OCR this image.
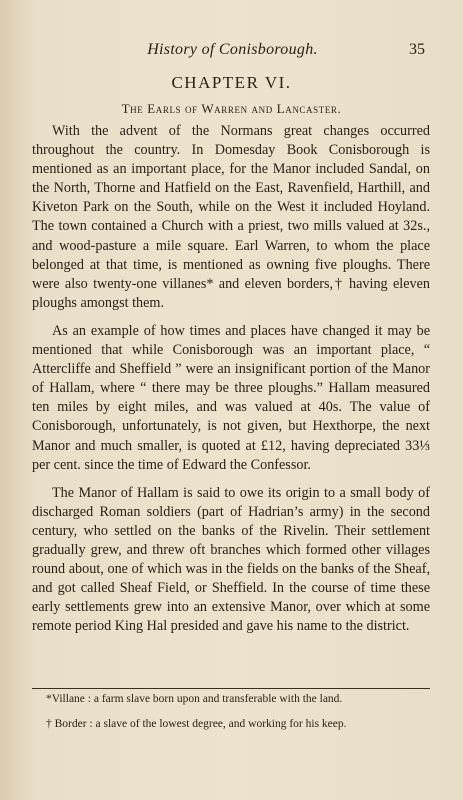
History of Conisborough.	35
CHAPTER VI.
The Earls of Warren and Lancaster.

With the advent of the Normans great changes occurred throughout the country. In Domesday Book Conisborough is mentioned as an important place, for the Manor included Sandal, on the North, Thorne and Hatfield on the East, Ravenfield, Harthill, and Kiveton Park on the South, while on the West it included Hoyland. The town contained a Church with a priest, two mills valued at 32s., and wood-pasture a mile square. Earl Warren, to whom the place belonged at that time, is mentioned as owning five ploughs. There were also twenty-one villanes* and eleven borders,† having eleven ploughs amongst them.

As an example of how times and places have changed it may be mentioned that while Conisborough was an important place, “ Attercliffe and Sheffield ” were an insignificant portion of the Manor of Hallam, where “ there may be three ploughs.” Hallam measured ten miles by eight miles, and was valued at 40s. The value of Conisborough, unfortunately, is not given, but Hexthorpe, the next Manor and much smaller, is quoted at £12, having depreciated 33⅓ per cent. since the time of Edward the Confessor.

The Manor of Hallam is said to owe its origin to a small body of discharged Roman soldiers (part of Hadrian’s army) in the second century, who settled on the banks of the Rivelin. Their settlement gradually grew, and threw oft branches which formed other villages round about, one of which was in the fields on the banks of the Sheaf, and got called Sheaf Field, or Sheffield. In the course of time these early settlements grew into an extensive Manor, over which at some remote period King Hal presided and gave his name to the district.

*Villane : a farm slave born upon and transferable with the land.

† Border : a slave of the lowest degree, and working for his keep.
